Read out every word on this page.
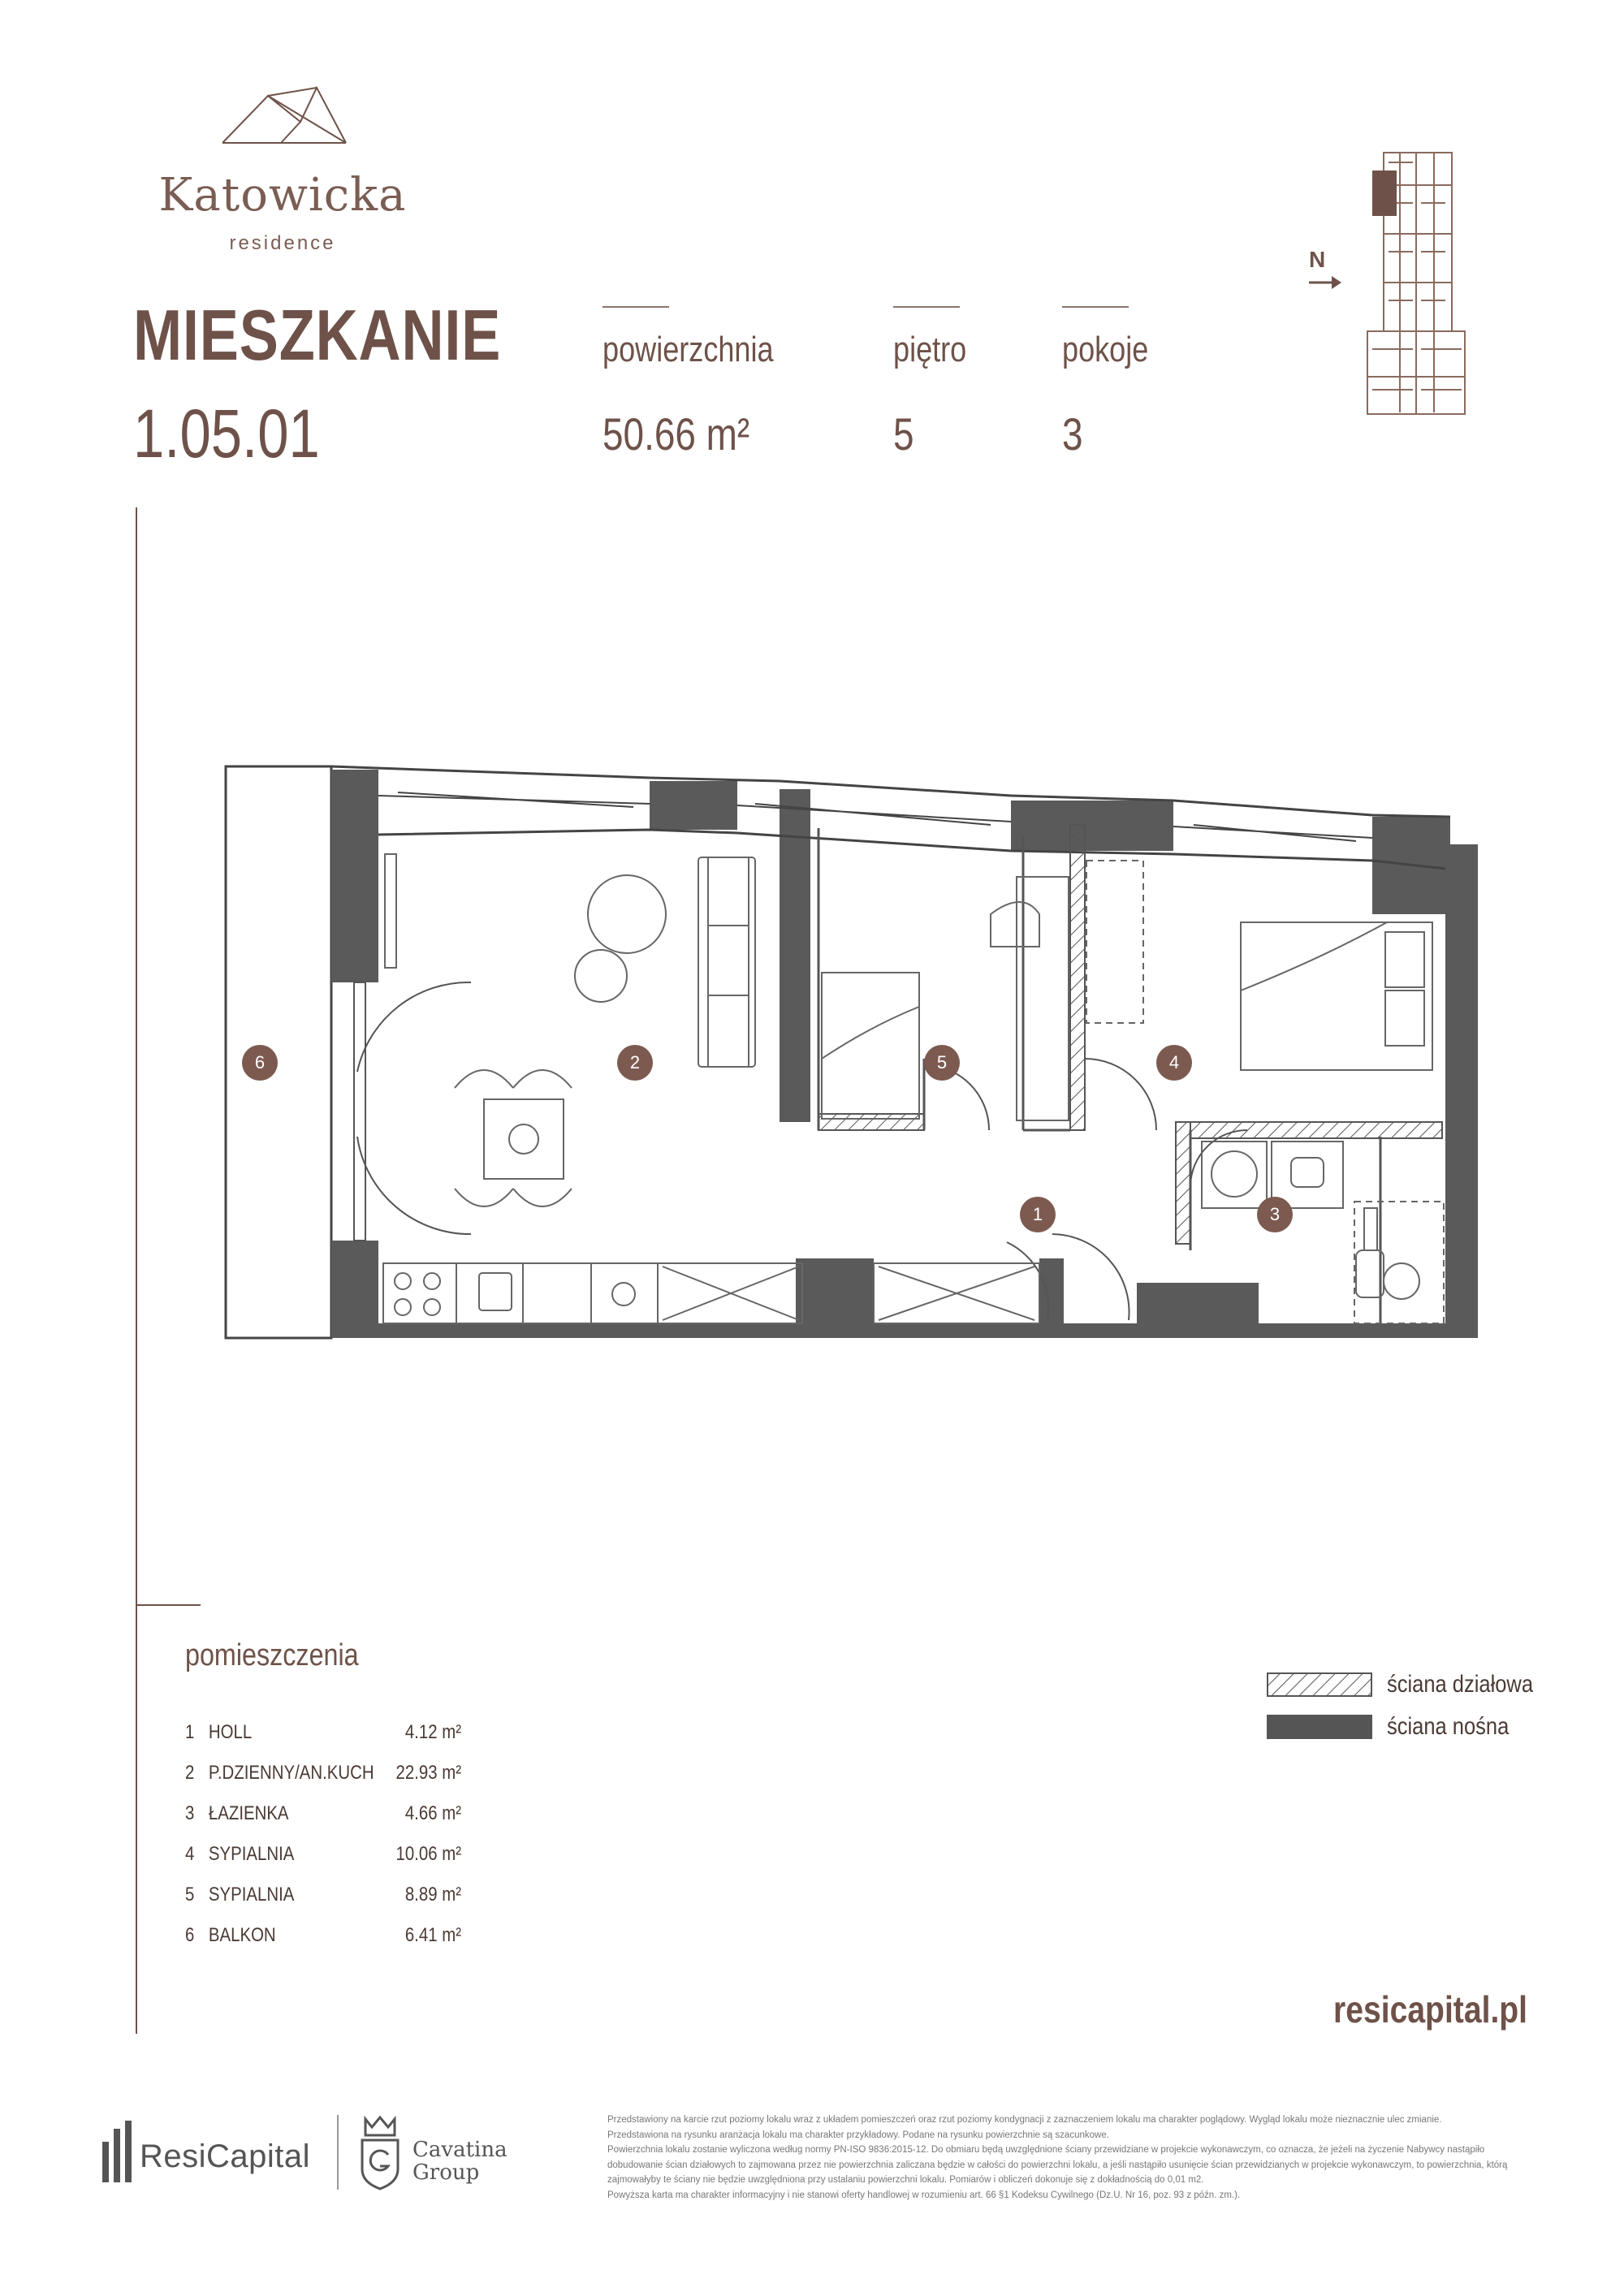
Katowicka
residence
MIESZKANIE
1.05.01
powierzchnia
50.66 m²
piętro
5
pokoje
3
N
1
2
3
4
5
6
pomieszczenia
1 HOLL	4.12 m²
2 P.DZIENNY/AN.KUCH 22.93 m²
3 ŁAZIENKA	4.66 m²
4 SYPIALNIA	10.06 m²
5 SYPIALNIA	8.89 m²
6 BALKON	6.41 m²
ściana działowa
ściana nośna
resicapital.pl
ResiCapital	Cavatina
Group

Przedstawiony na karcie rzut poziomy lokalu wraz z układem pomieszczeń oraz rzut poziomy kondygnacji z zaznaczeniem lokalu ma charakter poglądowy. Wygląd lokalu może nieznacznie ulec zmianie.

Przedstawiona na rysunku aranżacja lokalu ma charakter przykładowy. Podane na rysunku powierzchnie są szacunkowe.

Powierzchnia lokalu zostanie wyliczona według normy PN-ISO 9836:2015-12. Do obmiaru będą uwzględnione ściany przewidziane w projekcie wykonawczym, co oznacza, że jeżeli na życzenie Nabywcy nastąpiło dobudowanie ścian działowych to zajmowana przez nie powierzchnia zaliczana będzie w całości do powierzchni lokalu, a jeśli nastąpiło usunięcie ścian przewidzianych w projekcie wykonawczym, to powierzchnia, którą zajmowałyby te ściany nie będzie uwzględniona przy ustalaniu powierzchni lokalu. Pomiarów i obliczeń dokonuje się z dokładnością do 0,01 m2.

Powyższa karta ma charakter informacyjny i nie stanowi oferty handlowej w rozumieniu art. 66 §1 Kodeksu Cywilnego (Dz.U. Nr 16, poz. 93 z późn. zm.).
